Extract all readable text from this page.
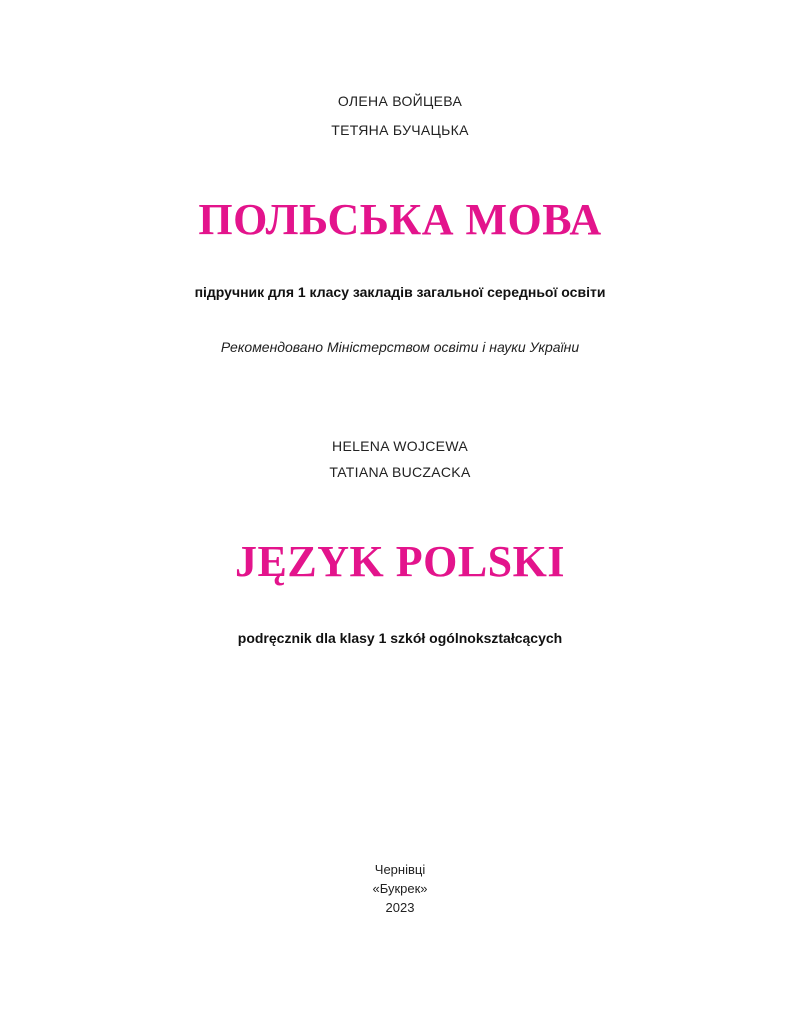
ОЛЕНА ВОЙЦЕВА
ТЕТЯНА БУЧАЦЬКА
ПОЛЬСЬКА МОВА
підручник для 1 класу закладів загальної середньої освіти
Рекомендовано Міністерством освіти і науки України
HELENA WOJCEWA
TATIANA BUCZACKA
JĘZYK POLSKI
podręcznik dla klasy 1 szkół ogólnokształcących
Чернівці
«Букрек»
2023
